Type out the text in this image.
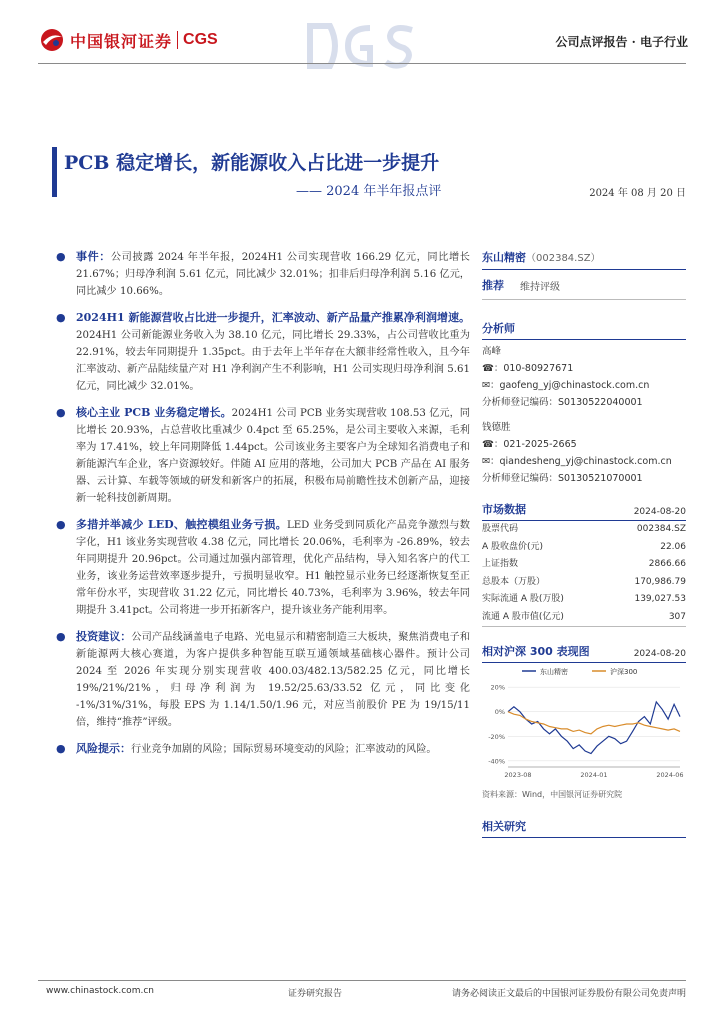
中国银河证券 CGS	公司点评报告 · 电子行业
PCB 稳定增长，新能源收入占比进一步提升
—— 2024 年半年报点评	2024 年 08 月 20 日
● 事件：公司披露 2024 年半年报，2024H1 公司实现营收 166.29 亿元，同比增长 21.67%；归母净利润 5.61 亿元，同比减少 32.01%；扣非后归母净利润 5.16 亿元，同比减少 10.66%。
● 2024H1 新能源营收占比进一步提升，汇率波动、新产品量产推累净利润增速。2024H1 公司新能源业务收入为 38.10 亿元，同比增长 29.33%，占公司营收比重为 22.91%，较去年同期提升 1.35pct。由于去年上半年存在大额非经常性收入，且今年汇率波动、新产品陆续量产对 H1 净利润产生不利影响，H1 公司实现归母净利润 5.61 亿元，同比减少 32.01%。
● 核心主业 PCB 业务稳定增长。2024H1 公司 PCB 业务实现营收 108.53 亿元，同比增长 20.93%，占总营收比重减少 0.4pct 至 65.25%，是公司主要收入来源，毛利率为 17.41%，较上年同期降低 1.44pct。公司该业务主要客户为全球知名消费电子和新能源汽车企业，客户资源较好。伴随 AI 应用的落地，公司加大 PCB 产品在 AI 服务器、云计算、车载等领域的研发和新客户的拓展，积极布局前瞻性技术创新产品，迎接新一轮科技创新周期。
● 多措并举减少 LED、触控模组业务亏损。LED 业务受到同质化产品竞争激烈与数字化，H1 该业务实现营收 4.38 亿元，同比增长 20.06%，毛利率为 -26.89%，较去年同期提升 20.96pct。公司通过加强内部管理，优化产品结构，导入知名客户的代工业务，该业务运营效率逐步提升，亏损明显收窄。H1 触控显示业务已经逐渐恢复至正常年份水平，实现营收 31.22 亿元，同比增长 40.73%，毛利率为 3.96%，较去年同期提升 3.41pct。公司将进一步开拓新客户，提升该业务产能利用率。
● 投资建议：公司产品线涵盖电子电路、光电显示和精密制造三大板块，聚焦消费电子和新能源两大核心赛道，为客户提供多种智能互联互通领域基础核心器件。预计公司 2024 至 2026 年实现分别实现营收 400.03/482.13/582.25 亿元，同比增长 19%/21%/21%，归母净利润为 19.52/25.63/33.52 亿元，同比变化 -1%/31%/31%，每股 EPS 为 1.14/1.50/1.96 元，对应当前股价 PE 为 19/15/11 倍，维持“推荐”评级。
● 风险提示：行业竞争加剧的风险；国际贸易环境变动的风险；汇率波动的风险。
东山精密（002384.SZ）
推荐	维持评级
分析师
高峰
☎：010-80927671
✉：gaofeng_yj@chinastock.com.cn
分析师登记编码：S0130522040001
钱德胜
☎：021-2025-2665
✉：qiandesheng_yj@chinastock.com.cn
分析师登记编码：S0130521070001
市场数据	2024-08-20
股票代码	002384.SZ
A 股收盘价(元)	22.06
上证指数	2866.66
总股本（万股）	170,986.79
实际流通 A 股(万股)	139,027.53
流通 A 股市值(亿元)	307
相对沪深 300 表现图	2024-08-20
东山精密	沪深300
20%
0%
-20%
-40%
2023-08	2024-01	2024-06
资料来源：Wind，中国银河证券研究院
相关研究
www.chinastock.com.cn	证券研究报告	请务必阅读正文最后的中国银河证券股份有限公司免责声明
